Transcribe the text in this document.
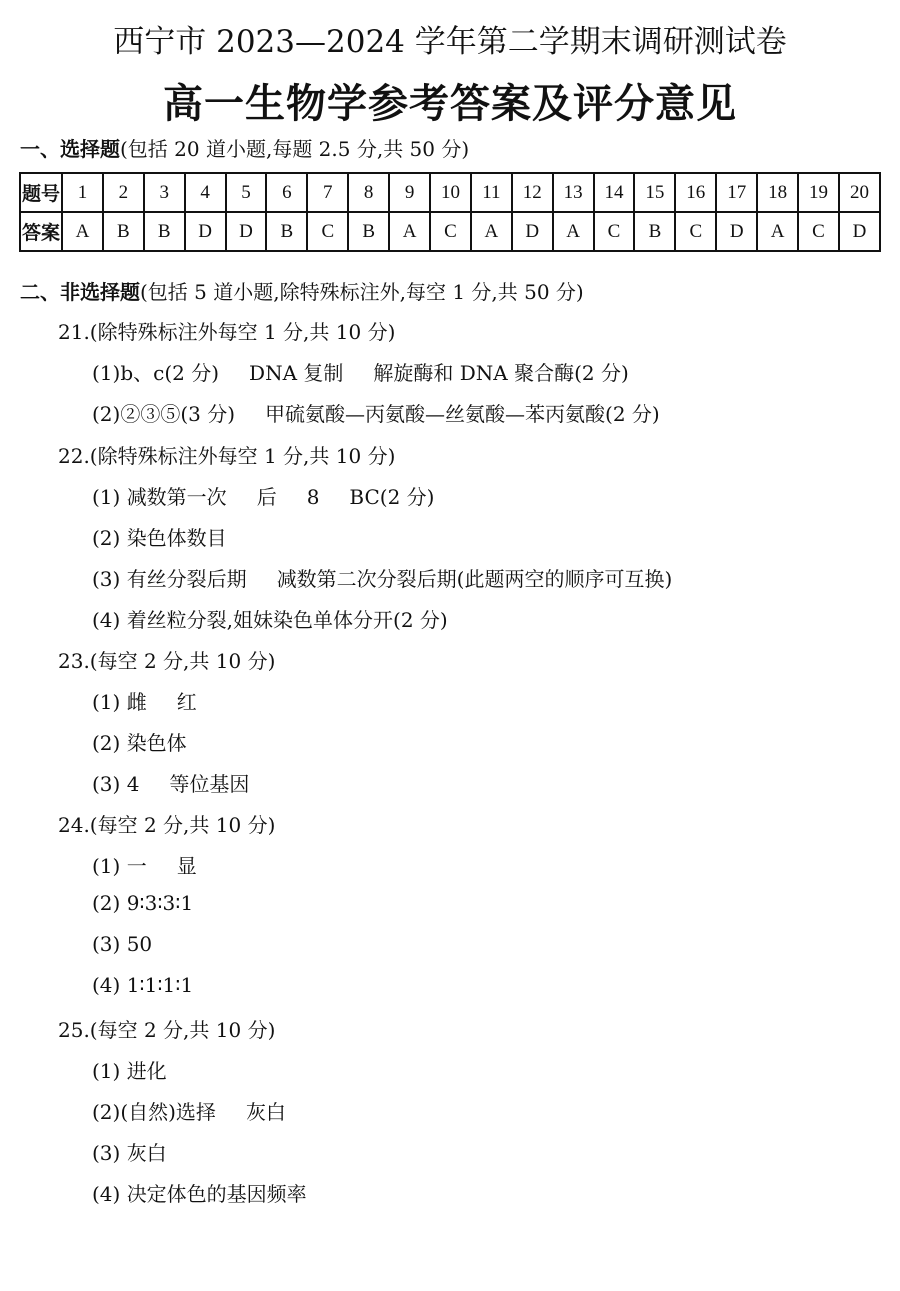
西宁市 2023—2024 学年第二学期末调研测试卷
高一生物学参考答案及评分意见
一、选择题(包括 20 道小题,每题 2.5 分,共 50 分)
题号	1	2	3	4	5	6	7	8	9	10	11	12	13	14	15	16	17	18	19	20
答案	A	B	B	D	D	B	C	B	A	C	A	D	A	C	B	C	D	A	C	D
二、非选择题(包括 5 道小题,除特殊标注外,每空 1 分,共 50 分)
21.(除特殊标注外每空 1 分,共 10 分)
(1)b、c(2 分) DNA 复制 解旋酶和 DNA 聚合酶(2 分)
(2)②③⑤(3 分) 甲硫氨酸—丙氨酸—丝氨酸—苯丙氨酸(2 分)
22.(除特殊标注外每空 1 分,共 10 分)
(1) 减数第一次 后 8 BC(2 分)
(2) 染色体数目
(3) 有丝分裂后期 减数第二次分裂后期(此题两空的顺序可互换)
(4) 着丝粒分裂,姐妹染色单体分开(2 分)
23.(每空 2 分,共 10 分)
(1) 雌 红
(2) 染色体
(3) 4 等位基因
24.(每空 2 分,共 10 分)
(1) 一 显
(2) 9∶3∶3∶1
(3) 50
(4) 1∶1∶1∶1
25.(每空 2 分,共 10 分)
(1) 进化
(2)(自然)选择 灰白
(3) 灰白
(4) 决定体色的基因频率
